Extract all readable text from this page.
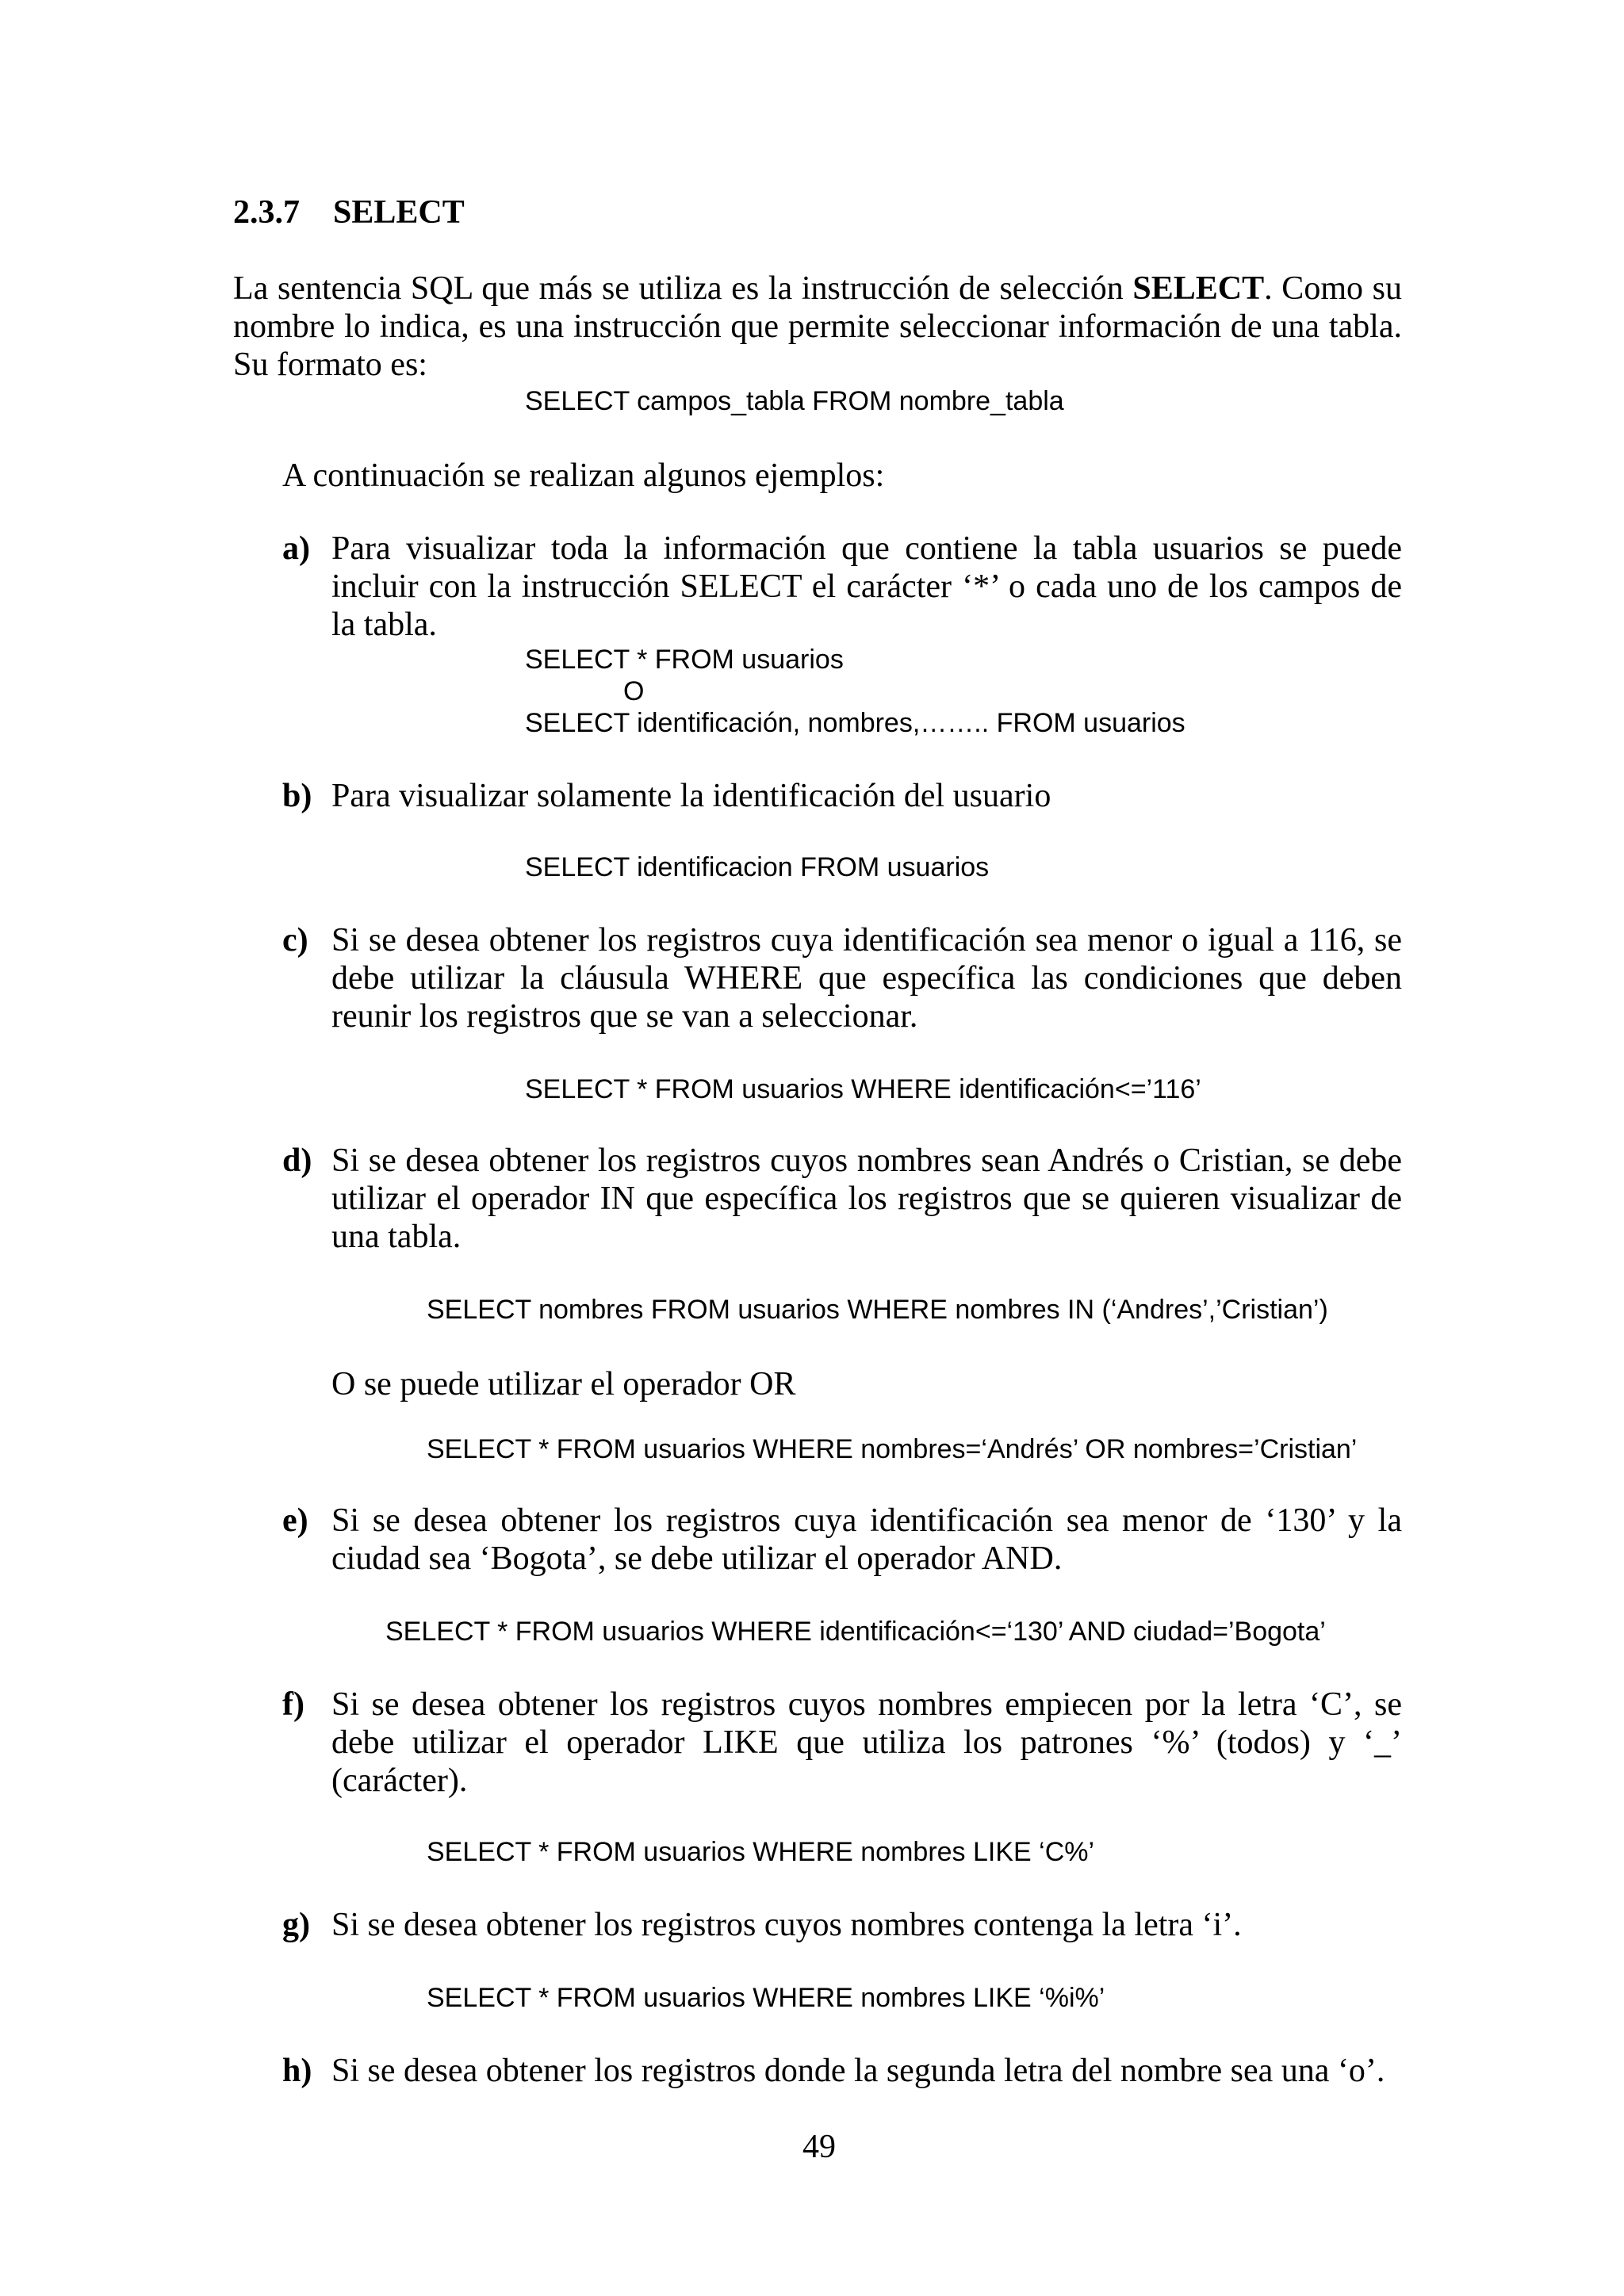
2.3.7 SELECT
La sentencia SQL que más se utiliza es la instrucción de selección SELECT. Como su nombre lo indica, es una instrucción que permite seleccionar información de una tabla. Su formato es:
SELECT campos_tabla FROM nombre_tabla
A continuación se realizan algunos ejemplos:
a) Para visualizar toda la información que contiene la tabla usuarios se puede incluir con la instrucción SELECT el carácter ‘*’ o cada uno de los campos de la tabla.
SELECT * FROM usuarios
O
SELECT identificación, nombres,…….. FROM usuarios
b) Para visualizar solamente la identificación del usuario
SELECT identificacion FROM usuarios
c) Si se desea obtener los registros cuya identificación sea menor o igual a 116, se debe utilizar la cláusula WHERE que específica las condiciones que deben reunir los registros que se van a seleccionar.
SELECT * FROM usuarios WHERE identificación<=’116’
d) Si se desea obtener los registros cuyos nombres sean Andrés o Cristian, se debe utilizar el operador IN que específica los registros que se quieren visualizar de una tabla.
SELECT nombres FROM usuarios WHERE nombres IN (‘Andres’,’Cristian’)
O se puede utilizar el operador OR
SELECT * FROM usuarios WHERE nombres=‘Andrés’ OR nombres=’Cristian’
e) Si se desea obtener los registros cuya identificación sea menor de ‘130’ y la ciudad sea ‘Bogota’, se debe utilizar el operador AND.
SELECT * FROM usuarios WHERE identificación<=‘130’ AND ciudad=’Bogota’
f) Si se desea obtener los registros cuyos nombres empiecen por la letra ‘C’, se debe utilizar el operador LIKE que utiliza los patrones ‘%’ (todos) y ‘_’ (carácter).
SELECT * FROM usuarios WHERE nombres LIKE ‘C%’
g) Si se desea obtener los registros cuyos nombres contenga la letra ‘i’.
SELECT * FROM usuarios WHERE nombres LIKE ‘%i%’
h) Si se desea obtener los registros donde la segunda letra del nombre sea una ‘o’.
49
